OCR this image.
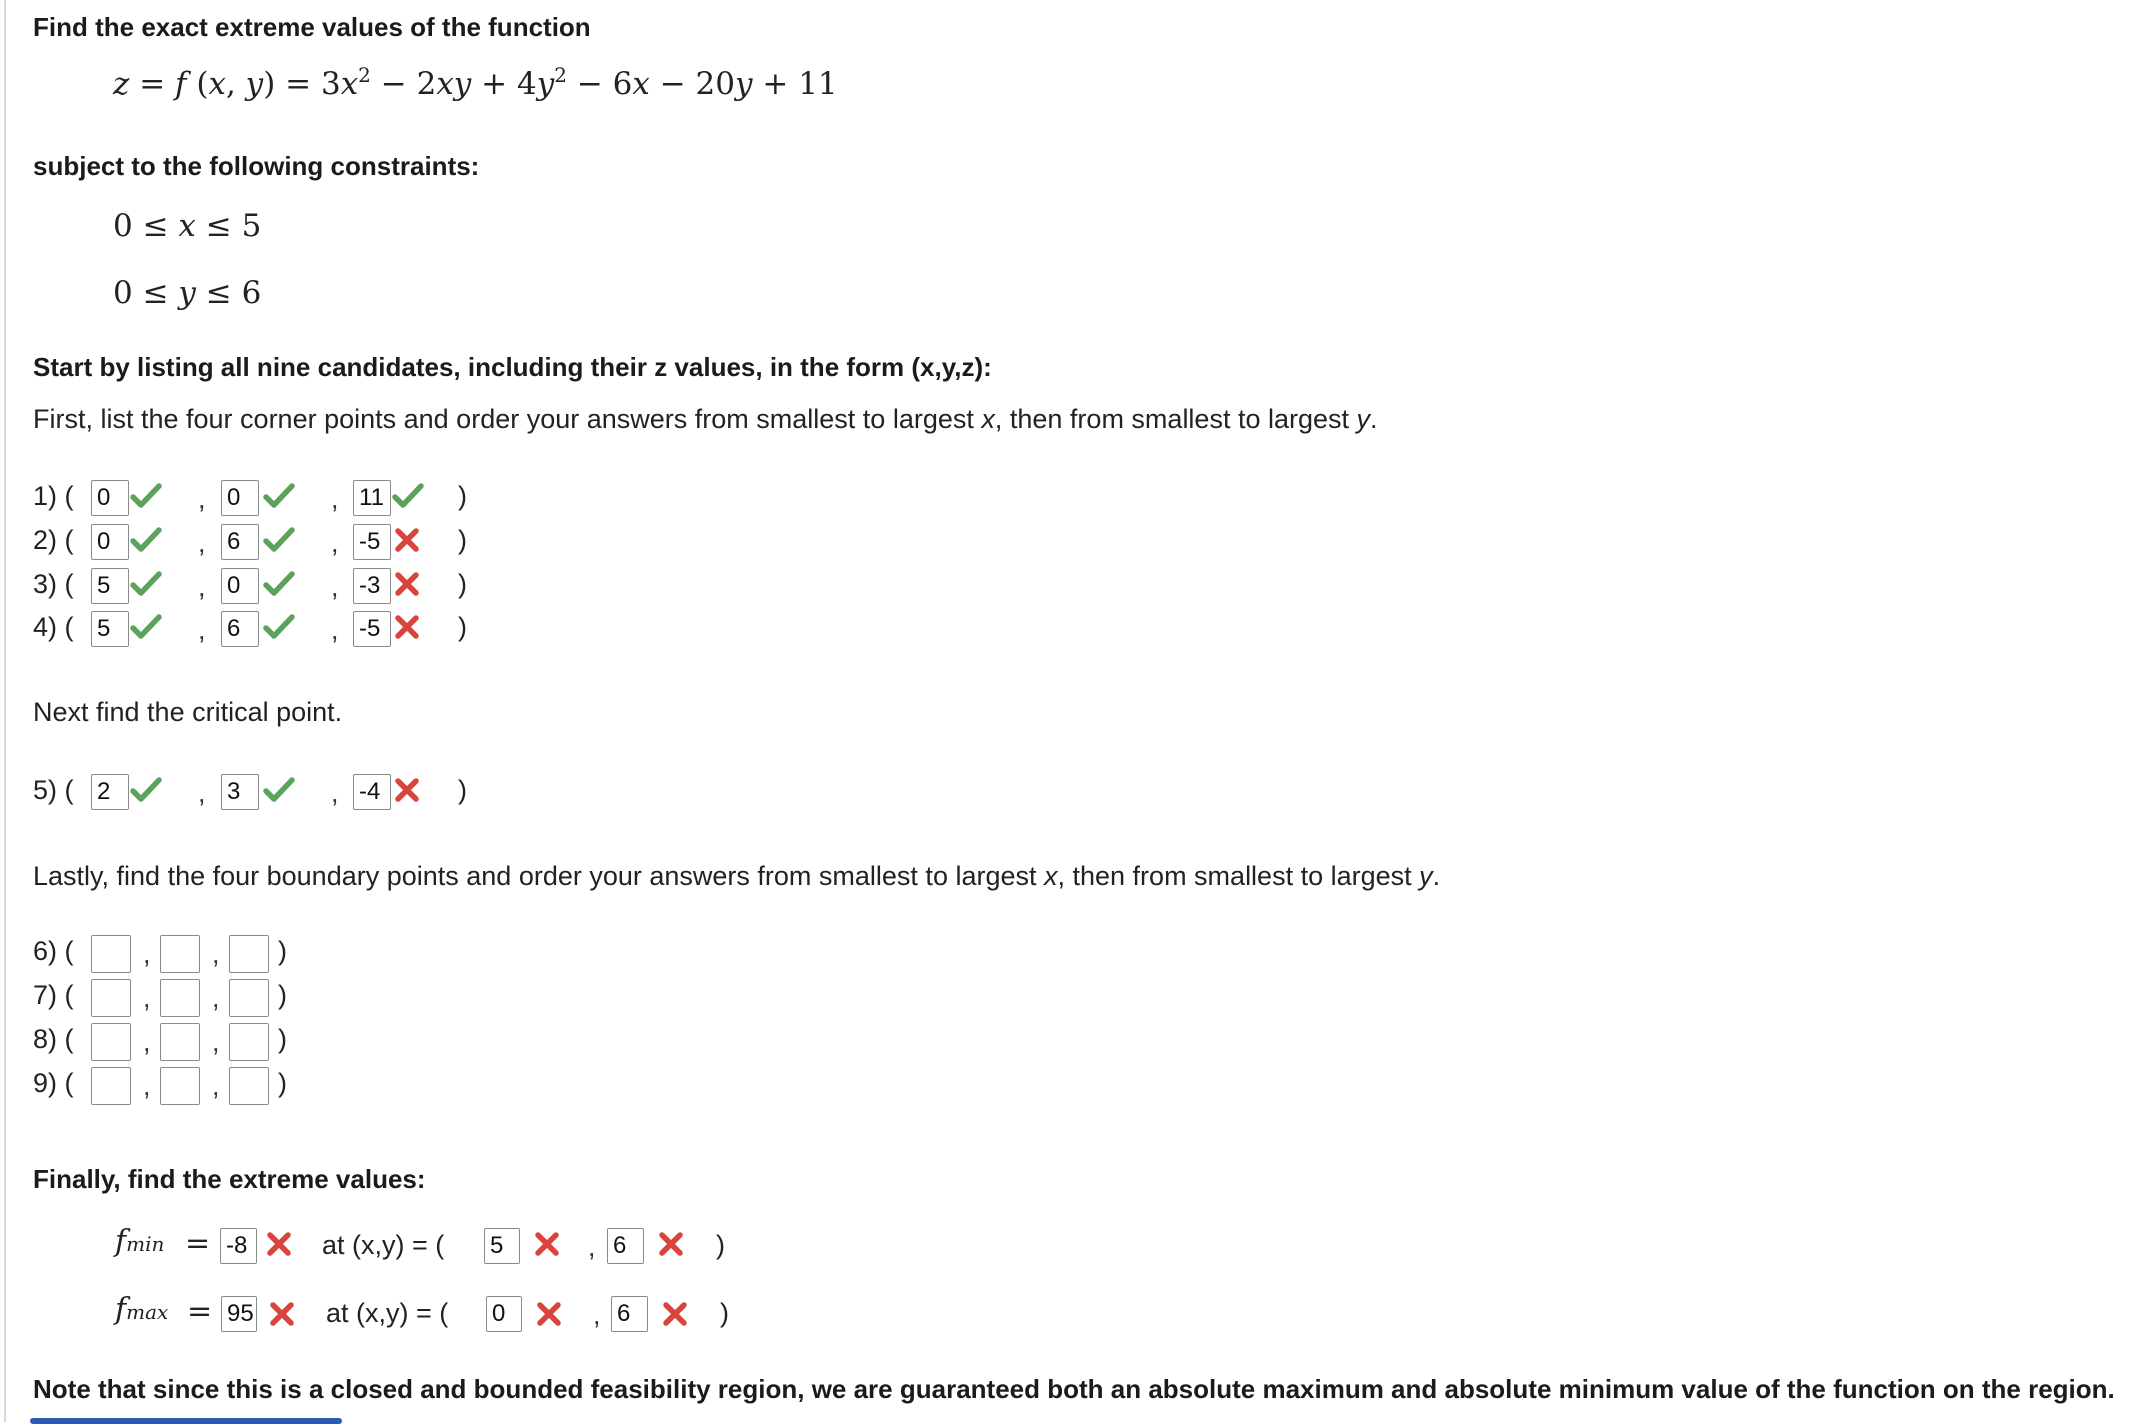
Find the exact extreme values of the function
z = f (x, $y) = 3x^2 - 2xy + 4y^2 - 6x - 20y + 11$
subject to the following constraints:
0 ≤ x ≤ 5
0 ≤ y ≤ 6
Start by listing all nine candidates, including their z values, in the form (x,y,z):
First, list the four corner points and order your answers from smallest to largest x, then from smallest to largest y.
1) ( 0	, 0	, 11	)
2) ( 0	, 6	, -5	)
3) ( 5	, 0	, -3	)
4) ( 5	, 6	, -5	)
Next find the critical point.
5) ( 2	, 3	, -4	)
Lastly, find the four boundary points and order your answers from smallest to largest x, then from smallest to largest y.
6) (	, , )
7) (	, , )
8) (	, , )
9) (	, , )
Finally, find the extreme values:
fmin = -8	at (x,y) = ( 5	, 6	)
fmax = 95	at (x,y) = ( 0	, 6	)
Note that since this is a closed and bounded feasibility region, we are guaranteed both an absolute maximum and absolute minimum value of the function on the region.
